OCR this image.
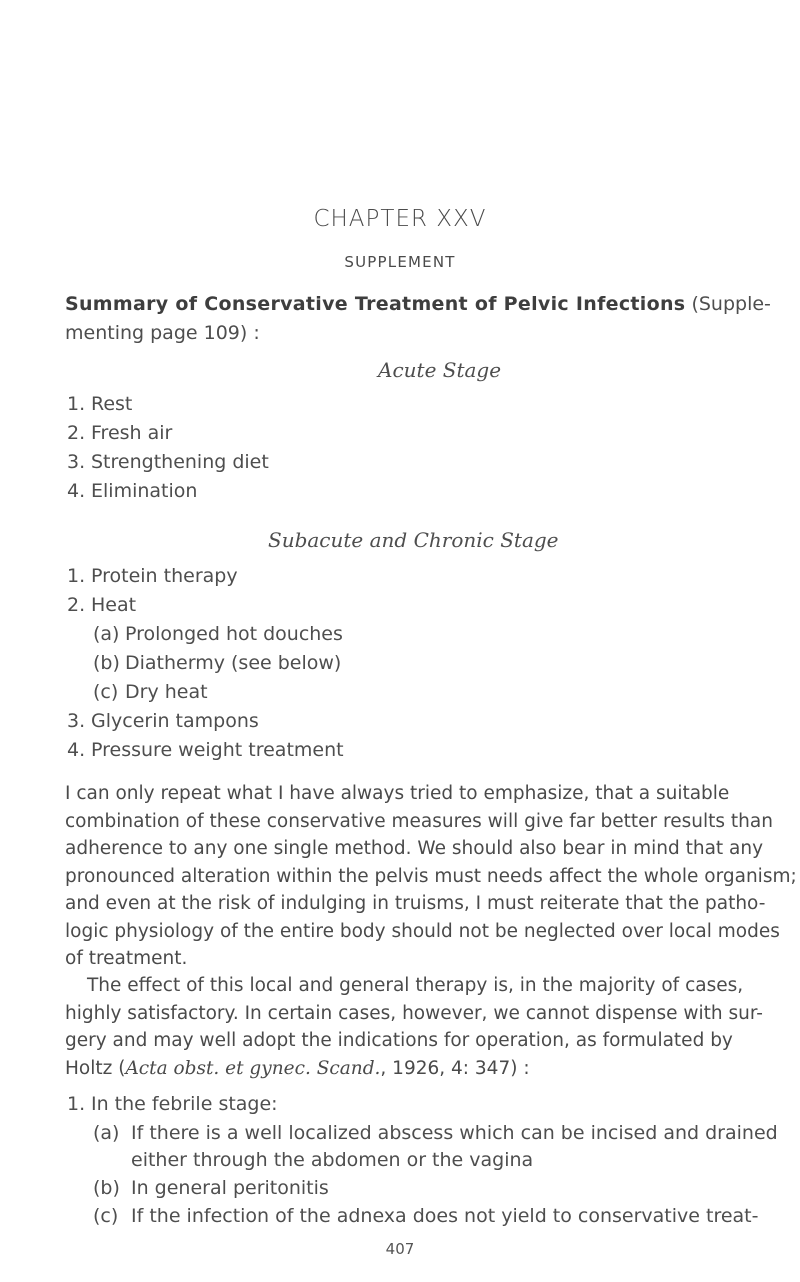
CHAPTER XXV
SUPPLEMENT
Summary of Conservative Treatment of Pelvic Infections (Supple-
menting page 109) :
Acute Stage
1. Rest
2. Fresh air
3. Strengthening diet
4. Elimination
Subacute and Chronic Stage
1. Protein therapy
2. Heat
(a) Prolonged hot douches
(b) Diathermy (see below)
(c) Dry heat
3. Glycerin tampons
4. Pressure weight treatment
I can only repeat what I have always tried to emphasize, that a suitable
combination of these conservative measures will give far better results than
adherence to any one single method. We should also bear in mind that any
pronounced alteration within the pelvis must needs affect the whole organism;
and even at the risk of indulging in truisms, I must reiterate that the patho-
logic physiology of the entire body should not be neglected over local modes
of treatment.
The effect of this local and general therapy is, in the majority of cases,
highly satisfactory. In certain cases, however, we cannot dispense with sur-
gery and may well adopt the indications for operation, as formulated by
Holtz (Acta obst. et gynec. Scand., 1926, 4: 347) :
1. In the febrile stage:
(a) If there is a well localized abscess which can be incised and drained
either through the abdomen or the vagina
(b) In general peritonitis
(c) If the infection of the adnexa does not yield to conservative treat-
407
